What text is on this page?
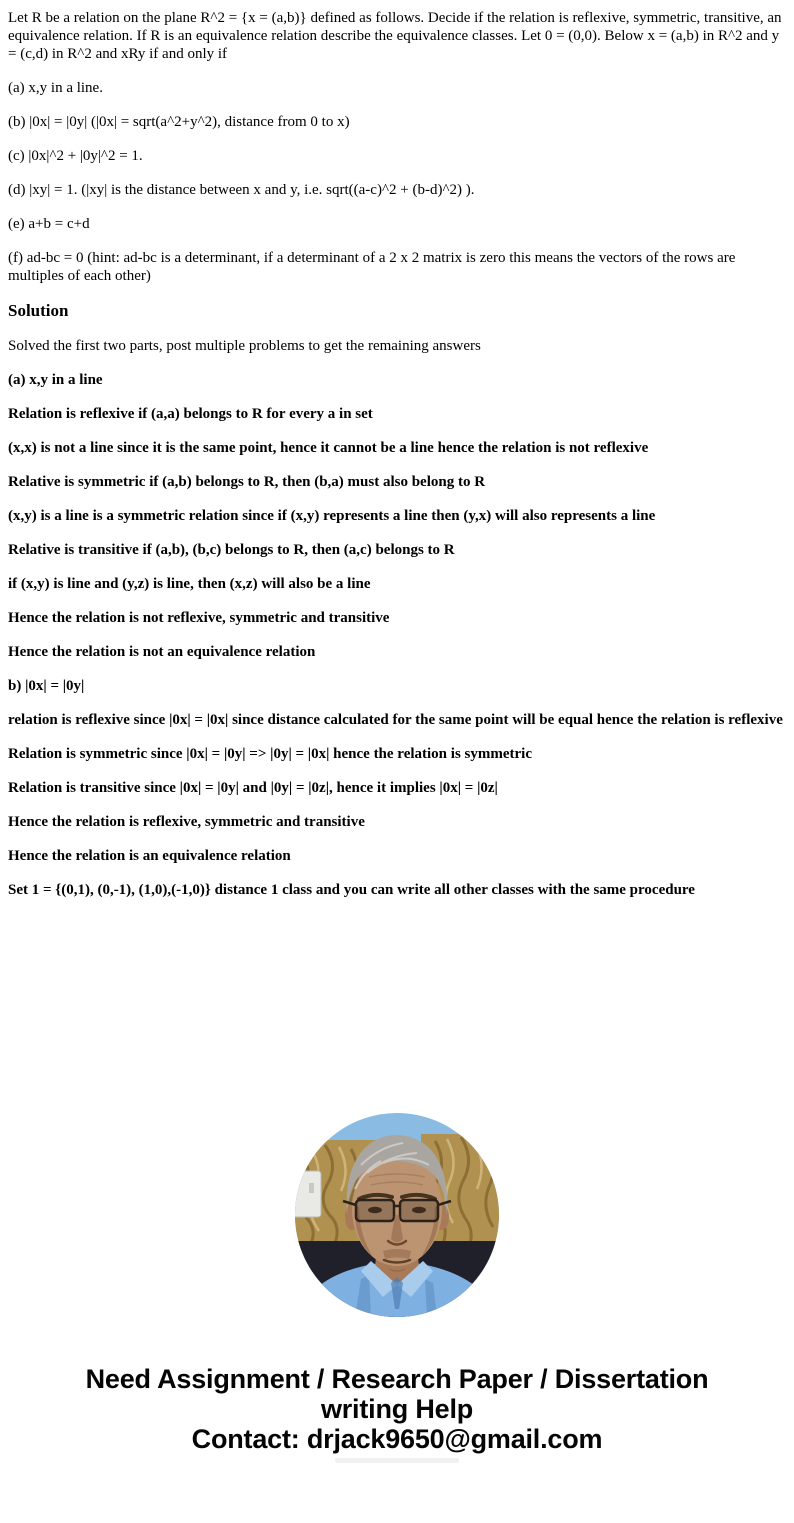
Let R be a relation on the plane R^2 = {x = (a,b)} defined as follows. Decide if the relation is reflexive, symmetric, transitive, an equivalence relation. If R is an equivalence relation describe the equivalence classes. Let 0 = (0,0). Below x = (a,b) in R^2 and y = (c,d) in R^2 and xRy if and only if

(a) x,y in a line.

(b) |0x| = |0y| (|0x| = sqrt(a^2+y^2), distance from 0 to x)

(c) |0x|^2 + |0y|^2 = 1.

(d) |xy| = 1. (|xy| is the distance between x and y, i.e. sqrt((a-c)^2 + (b-d)^2) ).

(e) a+b = c+d

(f) ad-bc = 0 (hint: ad-bc is a determinant, if a determinant of a 2 x 2 matrix is zero this means the vectors of the rows are multiples of each other)

Solution

Solved the first two parts, post multiple problems to get the remaining answers

(a) x,y in a line

Relation is reflexive if (a,a) belongs to R for every a in set

(x,x) is not a line since it is the same point, hence it cannot be a line hence the relation is not reflexive

Relative is symmetric if (a,b) belongs to R, then (b,a) must also belong to R

(x,y) is a line is a symmetric relation since if (x,y) represents a line then (y,x) will also represents a line

Relative is transitive if (a,b), (b,c) belongs to R, then (a,c) belongs to R

if (x,y) is line and (y,z) is line, then (x,z) will also be a line

Hence the relation is not reflexive, symmetric and transitive

Hence the relation is not an equivalence relation

b) |0x| = |0y|

relation is reflexive since |0x| = |0x| since distance calculated for the same point will be equal hence the relation is reflexive

Relation is symmetric since |0x| = |0y| => |0y| = |0x| hence the relation is symmetric

Relation is transitive since |0x| = |0y| and |0y| = |0z|, hence it implies |0x| = |0z|

Hence the relation is reflexive, symmetric and transitive

Hence the relation is an equivalence relation

Set 1 = {(0,1), (0,-1), (1,0),(-1,0)} distance 1 class and you can write all other classes with the same procedure

Need Assignment / Research Paper / Dissertation
writing Help
Contact: drjack9650@gmail.com
